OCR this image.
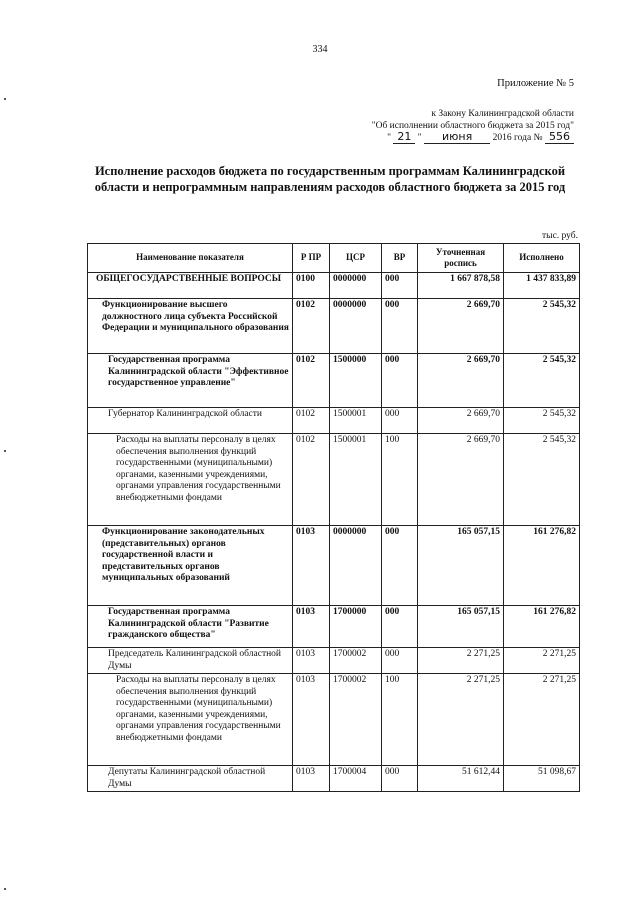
334
Приложение № 5
к Закону Калининградской области
"Об исполнении областного бюджета за 2015 год"
" 21 " июня 2016 года № 556
Исполнение расходов бюджета по государственным программам Калининградской области и непрограммным направлениям расходов областного бюджета за 2015 год
тыс. руб.
Наименование показателя	Р ПР	ЦСР	ВР	Уточненная роспись	Исполнено
ОБЩЕГОСУДАРСТВЕННЫЕ ВОПРОСЫ	0100	0000000	000	1 667 878,58	1 437 833,89
Функционирование высшего должностного лица субъекта Российской Федерации и муниципального образования	0102	0000000	000	2 669,70	2 545,32
Государственная программа Калининградской области "Эффективное государственное управление"	0102	1500000	000	2 669,70	2 545,32
Губернатор Калининградской области	0102	1500001	000	2 669,70	2 545,32
Расходы на выплаты персоналу в целях обеспечения выполнения функций государственными (муниципальными) органами, казенными учреждениями, органами управления государственными внебюджетными фондами	0102	1500001	100	2 669,70	2 545,32
Функционирование законодательных (представительных) органов государственной власти и представительных органов муниципальных образований	0103	0000000	000	165 057,15	161 276,82
Государственная программа Калининградской области "Развитие гражданского общества"	0103	1700000	000	165 057,15	161 276,82
Председатель Калининградской областной Думы	0103	1700002	000	2 271,25	2 271,25
Расходы на выплаты персоналу в целях обеспечения выполнения функций государственными (муниципальными) органами, казенными учреждениями, органами управления государственными внебюджетными фондами	0103	1700002	100	2 271,25	2 271,25
Депутаты Калининградской областной Думы	0103	1700004	000	51 612,44	51 098,67
